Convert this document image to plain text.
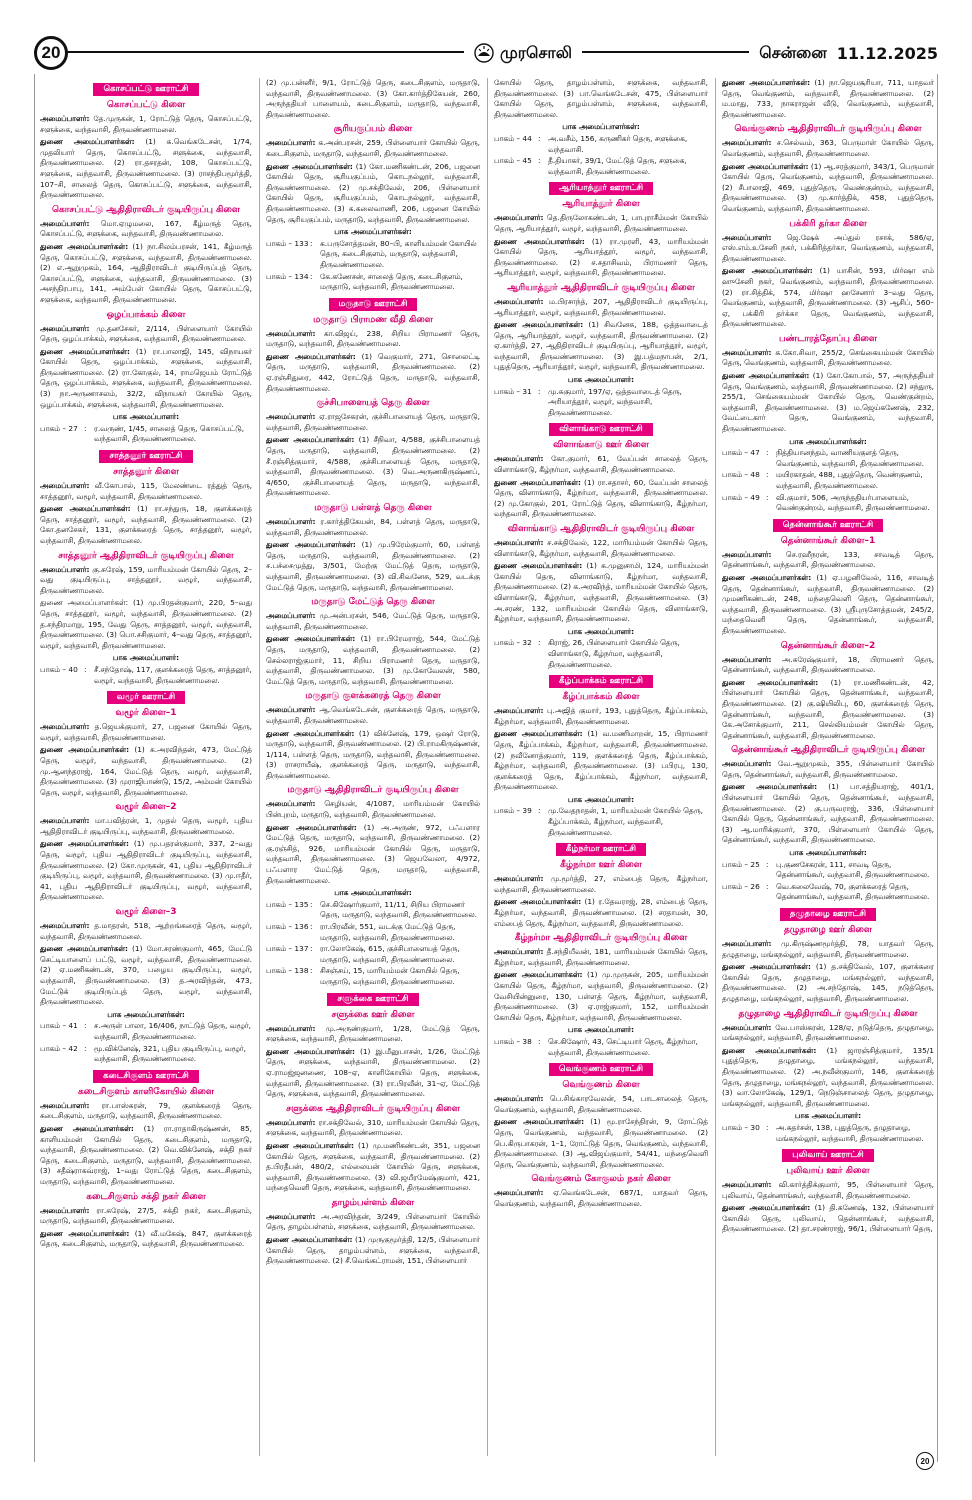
20	முரசொலி	சென்னை 11.12.2025
கொசப்பட்டு ஊராட்சி
கொசப்பட்டு கிளை
அமைப்பாளர்: தே.முருகன், 1, ரோட்டுத் தெரு, கொசப்பட்டு, சளுக்கை, வந்தவாசி, திருவண்ணாமலை.
துணை அமைப்பாளர்கள்: (1) க.வெங்கடேசன், 1/74, முதலியார் தெரு, கொசப்பட்டு, சளுக்கை, வந்தவாசி, திருவண்ணாமலை. (2) ரா.தசரதன், 108, கொசப்பட்டு, சளுக்கை, வந்தவாசி, திருவண்ணாமலை. (3) ராசந்திபமூர்த்தி, 107–சி, சாலைத் தெரு, கொசப்பட்டு, சளுக்கை, வந்தவாசி, திருவண்ணாமலை.
கொசப்பட்டு ஆதிதிராவிடர் குடியிருப்பு கிளை
அமைப்பாளர்: மொ.ஏழுமலை, 167, கீழ்மருத் தெரு, கொசப்பட்டு, சளுக்கை, வந்தவாசி, திருவண்ணாமலை.
துணை அமைப்பாளர்கள்: (1) நா.சிலம்பரசன், 141, கீழ்மருத் தெரு, கொசப்பட்டு, சளுக்கை, வந்தவாசி, திருவண்ணாமலை. (2) எ.ஆறுமுகம், 164, ஆதிதிராவிடர் குடியிருப்புத் தெரு, கொசப்பட்டு, சளுக்கை, வந்தவாசி, திருவண்ணாமலை. (3) அசந்திரபாபு, 141, அம்பேள் கோயில் தெரு, கொசப்பட்டு, சளுக்கை, வந்தவாசி, திருவண்ணாமலை.
ஒழப்பாக்கம் கிளை
அமைப்பாளர்: மு.தனசேகர், 2/114, பிள்ளையார் கோயில் தெரு, ஒழப்பாக்கம், சளுக்கை, வந்தவாசி, திருவண்ணாமலை.
துணை அமைப்பாளர்கள்: (1) ரா.பாலாஜி, 145, விநாயகர் கோயில் தெரு, ஒழப்பாக்கம், சளுக்கை, வந்தவாசி, திருவண்ணாமலை. (2) ரா.கோகுல், 14, ராமஜெயம் ரோட்டுத் தெரு, ஒழப்பாக்கம், சளுக்கை, வந்தவாசி, திருவண்ணாமலை. (3) நா.அருணாசலம், 32/2, விநாயகர் கோயில் தெரு, ஒழப்பாக்கம், சளுக்கை, வந்தவாசி, திருவண்ணாமலை.
பாக அமைப்பாளர்:
பாகம் – 27 :	ர.வருண், 1/45, சாலைத் தெரு, கொசப்பட்டு, வந்தவாசி, திருவண்ணாமலை.
சாத்தனூர் ஊராட்சி
சாத்தனூர் கிளை
அமைப்பாளர்: வீ.கோபால், 115, மேலண்டை ரத்துத் தெரு, சாத்தனூர், வழூர், வந்தவாசி, திருவண்ணாமலை.
துணை அமைப்பாளர்கள்: (1) ரா.சந்துரு, 18, குளக்கரைத் தெரு, சாத்தனூர், வழூர், வந்தவாசி, திருவண்ணாமலை. (2) கோ.தனசேகர், 131, குளக்கரைத் தெரு, சாத்தனூர், வழூர், வந்தவாசி, திருவண்ணாமலை.
சாத்தனூர் ஆதிதிராவிடர் குடியிருப்பு கிளை
அமைப்பாளர்: கு.சுரேஷ், 159, மாரியம்மன் கோயில் தெரு, 2–வது குடியிருப்பு, சாத்தனூர், வழூர், வந்தவாசி, திருவண்ணாமலை.
துணை அமைப்பாளர்கள்: (1) மு.பிரதன்குமார், 220, 5–வது தெரு, சாத்தனூர், வழூர், வந்தவாசி, திருவண்ணாமலை. (2) த.சந்திரமாறு, 195, வேது தெரு, சாத்தனூர், வழூர், வந்தவாசி, திருவண்ணாமலை. (3) பொ.சசிகுமார், 4–வது தெரு, சாத்தனூர், வழூர், வந்தவாசி, திருவண்ணாமலை.
பாக அமைப்பாளர்:
பாகம் – 40 :	சீ.சந்தோஷ், 117, குளக்கரைத் தெரு, சாத்தனூர், வழூர், வந்தவாசி, திருவண்ணாமலை.
வழூர் ஊராட்சி
வழூர் கிளை–1
அமைப்பாளர்: த.ஜெயக்குமார், 27, பஜனை கோயில் தெரு, வழூர், வந்தவாசி, திருவண்ணாமலை.
துணை அமைப்பாளர்கள்: (1) சு.அரவிந்தன், 473, மேட்டுத் தெரு, வழூர், வந்தவாசி, திருவண்ணாமலை. (2) மு.ஆனந்தராஜ், 164, மேட்டுத் தெரு, வழூர், வந்தவாசி, திருவண்ணாமலை. (3) முராஜிபாண்டு, 15/2, அம்மன் கோயில் தெரு, வழூர், வந்தவாசி, திருவண்ணாமலை.
வழூர் கிளை–2
அமைப்பாளர்: மா.பவித்ரன், 1, முதல் தெரு, வழூர், புதிய ஆதிதிராவிடர் குடியிருப்பு, வந்தவாசி, திருவண்ணாமலை.
துணை அமைப்பாளர்கள்: (1) மு.பதரன்குமார், 337, 2–வது தெரு, வழூர், புதிய ஆதிதிராவிடர் குடியிருப்பு, வந்தவாசி, திருவண்ணாமலை. (2) கோ.முருகன், 41, புதிய ஆதிதிராவிடர் குடியிருப்பு, வழூர், வந்தவாசி, திருவண்ணாமலை. (3) மு.ஈதீர், 41, புதிய ஆதிதிராவிடர் குடியிருப்பு, வழூர், வந்தவாசி, திருவண்ணாமலை.
வழூர் கிளை–3
அமைப்பாளர்: த.மாதரன், 518, ஆற்றங்கரைத் தெரு, வழூர், வந்தவாசி, திருவண்ணாமலை.
துணை அமைப்பாளர்கள்: (1) மோ.சரண்குமார், 465, மேட்டு செட்டியாளைப் பட்டு, வழூர், வந்தவாசி, திருவண்ணாமலை. (2) ஏ.மணிகண்டன், 370, பழைய குடியிருப்பு, வழூர், வந்தவாசி, திருவண்ணாமலை. (3) த.அரவிந்தன், 473, மேட்டுக் குடியிருப்புத் தெரு, வழூர், வந்தவாசி, திருவண்ணாமலை.
பாக அமைப்பாளர்கள்:
பாகம் – 41 :	ச.அருள் பாலா, 16/406, நாட்டுத் தெரு, வழூர், வந்தவாசி, திருவண்ணாமலை.
பாகம் – 42 :	மூ.விக்னேஷ், 321, புதிய குடியிருப்பு, வழூர், வந்தவாசி, திருவண்ணாமலை.
கடைசிகுளம் ஊராட்சி
கடைசிகுளம் காளிகோயில் கிளை
அமைப்பாளர்: ரா.பாஸ்கரன், 79, குளக்கரைத் தெரு, கடைசிகுளம், மருதாடு, வந்தவாசி, திருவண்ணாமலை.
துணை அமைப்பாளர்கள்: (1) ரா.ராதாகிருஷ்ணன், 85, காளியம்மன் கோயில் தெரு, கடைசிகுளம், மருதாடு, வந்தவாசி, திருவண்ணாமலை. (2) வெ.விக்னேஷ், சக்தி நகர் தெரு, கடைசிகுளம், மருதாடு, வந்தவாசி, திருவண்ணாமலை. (3) சதீஷ்ராகவ்ராஜ், 1–வது ரோட்டுத் தெரு, கடைசிகுளம், மருதாடு, வந்தவாசி, திருவண்ணாமலை.
கடைசிகுளம் சக்தி நகர் கிளை
அமைப்பாளர்: ரா.சுரேஷ், 27/5, சக்தி நகர், கடைசிகுளம், மருதாடு, வந்தவாசி, திருவண்ணாமலை.
துணை அமைப்பாளர்கள்: (1) வீ.மகேஷ், 847, குளக்கரைத் தெரு, கடைசிகுளம், மருதாடு, வந்தவாசி, திருவண்ணாமலை.
(2) மு.பன்னீர், 9/1, ரோட்டுத் தெரு, கடைசிகுளம், மருதாடு, வந்தவாசி, திருவண்ணாமலை. (3) கோ.கார்த்திகேயன், 260, அருந்ததியர் பாளையம், கடைசிகுளம், மருதாடு, வந்தவாசி, திருவண்ணாமலை.
சூரியகுப்பம் கிளை
அமைப்பாளர்: க.அன்பரசன், 259, பிள்ளையார் கோயில் தெரு, கடைசிகுளம், மருதாடு, வந்தவாசி, திருவண்ணாமலை.
துணை அமைப்பாளர்கள்: (1) கோ.மணிகண்டன், 206, பஜனை கோயில் தெரு, சூரியகுப்பம், கொடநல்லூர், வந்தவாசி, திருவண்ணாமலை. (2) மு.சக்திவேல், 206, பிள்ளையார் கோயில் தெரு, சூரியகுப்பம், கொடநல்லூர், வந்தவாசி, திருவண்ணாமலை. (3) க.கலைவாணி, 206, பஜனை கோயில் தெரு, சூரியகுப்பம், மருதாடு, வந்தவாசி, திருவண்ணாமலை.
பாக அமைப்பாளர்கள்:
பாகம் – 133 :	க.பருசோத்தமன், 80–பி, காளியம்மன் கோயில் தெரு, கடைசிகுளம், மருதாடு, வந்தவாசி, திருவண்ணாமலை.
பாகம் – 134 :	கே.கணேசன், சாலைத் தெரு, கடைசிகுளம், மருதாடு, வந்தவாசி, திருவண்ணாமலை.
மருதாடு ஊராட்சி
மருதாடு பிராமண வீதி கிளை
அமைப்பாளர்: கா.விஜய், 238, சிறிய பிராமணர் தெரு, மருதாடு, வந்தவாசி, திருவண்ணாமலை.
துணை அமைப்பாளர்கள்: (1) வெகுமார், 271, சொலைட்டி தெரு, மருதாடு, வந்தவாசி, திருவண்ணாமலை. (2) ஏ.ரஞ்சிதுரை, 442, ரோட்டுத் தெரு, மருதாடு, வந்தவாசி, திருவண்ணாமலை.
குச்சிபாளையத் தெரு கிளை
அமைப்பாளர்: ஏ.ராஜசேகரன், குச்சிபாளையத் தெரு, மருதாடு, வந்தவாசி, திருவண்ணாமலை.
துணை அமைப்பாளர்கள்: (1) சீநிவா, 4/588, குச்சிபாளையத் தெரு, மருதாடு, வந்தவாசி, திருவண்ணாமலை. (2) சீ.ரஞ்சித்குமார், 4/588, குச்சிபாளையத் தெரு, மருதாடு, வந்தவாசி, திருவண்ணாமலை. (3) வெ.அருணகிருஷ்ணப், 4/650, குச்சிபாளையத் தெரு, மருதாடு, வந்தவாசி, திருவண்ணாமலை.
மருதாடு பள்ளத் தெரு கிளை
அமைப்பாளர்: ர.கார்த்திகேயன், 84, பள்ளத் தெரு, மருதாடு, வந்தவாசி, திருவண்ணாமலை.
துணை அமைப்பாளர்கள்: (1) மு.பிரேம்குமார், 60, பள்ளத் தெரு, மருதாடு, வந்தவாசி, திருவண்ணாமலை. (2) ச.பச்சைமுத்து, 3/501, மேற்கு மேட்டுத் தெரு, மருதாடு, வந்தவாசி, திருவண்ணாமலை. (3) வி.சிவனேசு, 529, வடக்கு மேட்டுத் தெரு, மருதாடு, வந்தவாசி, திருவண்ணாமலை.
மருதாடு மேட்டுத் தெரு கிளை
அமைப்பாளர்: மு.அன்பரசன், 546, மேட்டுத் தெரு, மருதாடு, வந்தவாசி, திருவண்ணாமலை.
துணை அமைப்பாளர்கள்: (1) ரா.பிரேமராஜ், 544, மேட்டுத் தெரு, மருதாடு, வந்தவாசி, திருவண்ணாமலை. (2) செல்லராஜ்குமார், 11, சிறிய பிராமணர் தெரு, மருதாடு, வந்தவாசி, திருவண்ணாமலை. (3) மு.கோவேலன், 580, மேட்டுத் தெரு, மருதாடு, வந்தவாசி, திருவண்ணாமலை.
மருதாடு குளக்கரைத் தெரு கிளை
அமைப்பாளர்: ஆ.வெங்கடேசன், குளக்கரைத் தெரு, மருதாடு, வந்தவாசி, திருவண்ணாமலை.
துணை அமைப்பாளர்கள்: (1) விக்னேஷ், 179, ஒஷர் ரோடு, மருதாடு, வந்தவாசி, திருவண்ணாமலை. (2) பி.ராமகிருஷ்ணன், 1/114, பள்ளத் தெரு, மருதாடு, வந்தவாசி, திருவண்ணாமலை. (3) ராசராயீஷ், குளக்கரைத் தெரு, மருதாடு, வந்தவாசி, திருவண்ணாமலை.
மருதாடு ஆதிதிராவிடர் குடியிருப்பு கிளை
அமைப்பாளர்: செழியன், 4/1087, மாரியம்மன் கோயில் பின்புறம், மருதாடு, வந்தவாசி, திருவண்ணாமலை.
துணை அமைப்பாளர்கள்: (1) அ.அருண், 972, பஃபளார மேட்டுத் தெரு, மருதாடு, வந்தவாசி, திருவண்ணாமலை. (2) கு.ரஞ்சித், 926, மாரியம்மன் கோயில் தெரு, மருதாடு, வந்தவாசி, திருவண்ணாமலை. (3) ஜெயவேலா, 4/972, பஃபளார மேட்டுத் தெரு, மருதாடு, வந்தவாசி, திருவண்ணாமலை.
பாக அமைப்பாளர்கள்:
பாகம் – 135 :	செ.கிஷோர்குமார், 11/11, சிறிய பிராமணர் தெரு, மருதாடு, வந்தவாசி, திருவண்ணாமலை.
பாகம் – 136 :	ரா.பிரவீன், 551, வடக்கு மேட்டுத் தெரு, மருதாடு, வந்தவாசி, திருவண்ணாமலை.
பாகம் – 137 :	ரா.லோகேஷ், 615, குச்சிபாளையத் தெரு, மருதாடு, வந்தவாசி, திருவண்ணாமலை.
பாகம் – 138 :	சிசஞ்சய், 15, மாரியம்மன் கோயில் தெரு, மருதாடு, வந்தவாசி, திருவண்ணாமலை.
சளுக்கை ஊராட்சி
சளுக்கை ஊர் கிளை
அமைப்பாளர்: மு.அருண்குமார், 1/28, மேட்டுத் தெரு, சளுக்கை, வந்தவாசி, திருவண்ணாமலை.
துணை அமைப்பாளர்கள்: (1) இ.மீனுபாசன், 1/26, மேட்டுத் தெரு, சளுக்கை, வந்தவாசி, திருவண்ணாமலை. (2) ஏ.ராமஜ்ஜனணை, 108–ஏ, காளிகோயில் தெரு, சளுக்கை, வந்தவாசி, திருவண்ணாமலை. (3) ரா.பிரவீன், 31–ஏ, மேட்டுத் தெரு, சளுக்கை, வந்தவாசி, திருவண்ணாமலை.
சளுக்கை ஆதிதிராவிடர் குடியிருப்பு கிளை
அமைப்பாளர்: ரா.சக்திவேல், 310, மாரியம்மன் கோயில் தெரு, சளுக்கை, வந்தவாசி, திருவண்ணாமலை.
துணை அமைப்பாளர்கள்: (1) மு.மணிகண்டன், 351, பஜனை கோயில் தெரு, சளுக்கை, வந்தவாசி, திருவண்ணாமலை. (2) த.பிரதீபன், 480/2, எல்லையன் கோயில் தெரு, சளுக்கை, வந்தவாசி, திருவண்ணாமலை. (3) வி.ஜயீரமேஷ்குமார், 421, மந்தைவெளி தெரு, சளுக்கை, வந்தவாசி, திருவண்ணாமலை.
தாழம்பள்ளம் கிளை
அமைப்பாளர்: அ.அரவிந்தன், 3/249, பிள்ளையார் கோயில் தெரு, தாழம்பள்ளம், சளுக்கை, வந்தவாசி, திருவண்ணாமலை.
துணை அமைப்பாளர்கள்: (1) முருகுமூர்த்தி, 12/5, பிள்ளையார் கோயில் தெரு, தாழம்பள்ளம், சளுக்கை, வந்தவாசி, திருவண்ணாமலை. (2) சீ.வெங்கட்ராமன், 151, பிள்ளையார்
கோயில் தெரு, தாழம்பள்ளம், சளுக்கை, வந்தவாசி, திருவண்ணாமலை. (3) பா.வெங்கடேசன், 475, பிள்ளையார் கோயில் தெரு, தாழம்பள்ளம், சளுக்கை, வந்தவாசி, திருவண்ணாமலை.
பாக அமைப்பாளர்கள்:
பாகம் – 44 :	அ.வசீம், 156, கருணிகர் தெரு, சளுக்கை, வந்தவாசி.
பாகம் – 45 :	தீ.தியாகர், 39/1, மேட்டுத் தெரு, சளுகை, வந்தவாசி, திருவண்ணாமலை.
ஆரியாத்தூர் ஊராட்சி
ஆரியாத்தூர் கிளை
அமைப்பாளர்: தெ.திருலோகண்டன், 1, பாபுராசீம்மன் கோயில் தெரு, ஆரியாத்தூர், வழூர், வந்தவாசி, திருவண்ணாமலை.
துணை அமைப்பாளர்கள்: (1) ரா.முரளி, 43, மாரியம்மன் கோயில் தெரு, ஆரியாத்தூர், வழூர், வந்தவாசி, திருவண்ணாமலை. (2) ச.சதாசிவம், பிராமணர் தெரு, ஆரியாத்தூர், வழூர், வந்தவாசி, திருவண்ணாமலை.
ஆரியாத்தூர் ஆதிதிராவிடர் குடியிருப்பு கிளை
அமைப்பாளர்: ம.பிரசாந்த், 207, ஆதிதிராவிடர் குடியிருப்பு, ஆரியாத்தூர், வழூர், வந்தவாசி, திருவண்ணாமலை.
துணை அமைப்பாளர்கள்: (1) சிவனேசு, 188, ஒத்தவாடைத் தெரு, ஆரியாத்தூர், வழூர், வந்தவாசி, திருவண்ணாமலை. (2) ஏ.கார்த்தி, 27, ஆதிதிராவிடர் குடியிருப்பு, ஆரியாத்தூர், வழூர், வந்தவாசி, திருவண்ணாமலை. (3) இ.பத்மநாபன், 2/1, புதுத்தெரு, ஆரியாத்தூர், வழூர், வந்தவாசி, திருவண்ணாமலை.
பாக அமைப்பாளர்:
பாகம் – 31 :	மு.சுகுமார், 197/ஏ, ஒத்தவாடைத் தெரு, அரியாத்தூர், வழூர், வந்தவாசி, திருவண்ணாமலை.
விளாங்காடு ஊராட்சி
விளாங்காடு ஊர் கிளை
அமைப்பாளர்: கோ.குமார், 61, வேப்பன் சாலைத் தெரு, விளாங்காடு, கீழ்நர்மா, வந்தவாசி, திருவண்ணாமலை.
துணை அமைப்பாளர்கள்: (1) ரா.சதாசர், 60, வேப்பன் சாலைத் தெரு, விளாங்காடு, கீழ்நர்மா, வந்தவாசி, திருவண்ணாமலை. (2) மு.கோகுல், 201, ரோட்டுத் தெரு, விளாங்காடு, கீழ்நர்மா, வந்தவாசி, திருவண்ணாமலை.
விளாங்காடு ஆதிதிராவிடர் குடியிருப்பு கிளை
அமைப்பாளர்: ச.சக்திவேல், 122, மாரியம்மன் கோயில் தெரு, விளாங்காடு, கீழ்நர்மா, வந்தவாசி, திருவண்ணாமலை.
துணை அமைப்பாளர்கள்: (1) க.முனுசாமி, 124, மாரியம்மன் கோயில் தெரு, விளாங்காடு, கீழ்நர்மா, வந்தவாசி, திருவண்ணாமலை. (2) க.அரவிந்த், மாரியம்மன் கோயில் தெரு, விளாங்காடு, கீழ்நர்மா, வந்தவாசி, திருவண்ணாமலை. (3) அ.சரண், 132, மாரியம்மன் கோயில் தெரு, விளாங்காடு, கீழ்நர்மா, வந்தவாசி, திருவண்ணாமலை.
பாக அமைப்பாளர்:
பாகம் – 32 :	கிராஜ், 26, பிள்ளையார் கோயில் தெரு, விளாங்காடு, கீழ்நர்மா, வந்தவாசி, திருவண்ணாமலை.
கீழ்ப்பாக்கம் ஊராட்சி
கீழ்ப்பாக்கம் கிளை
அமைப்பாளர்: பு.அஜித் குமார், 193, புதுத்தெரு, கீழ்ப்பாக்கம், கீழ்நர்மா, வந்தவாசி, திருவண்ணாமலை.
துணை அமைப்பாளர்கள்: (1) வ.மணிமாறன், 15, பிராமணர் தெரு, கீழ்ப்பாக்கம், கீழ்நர்மா, வந்தவாசி, திருவண்ணாமலை. (2) நவீனோத்குமார், 119, குளக்கரைத் தெரு, கீழ்ப்பாக்கம், கீழ்நர்மா, வந்தவாசி, திருவண்ணாமலை. (3) பபிரபு, 130, குளக்கரைத் தெரு, கீழ்ப்பாக்கம், கீழ்நர்மா, வந்தவாசி, திருவண்ணாமலை.
பாக அமைப்பாளர்:
பாகம் – 39 :	மு.வேதநாதன், 1, மாரியம்மன் கோயில் தெரு, கீழ்ப்பாக்கம், கீழ்நர்மா, வந்தவாசி, திருவண்ணாமலை.
கீழ்நர்மா ஊராட்சி
கீழ்நர்மா ஊர் கிளை
அமைப்பாளர்: மு.மூர்த்தி, 27, எம்பைத் தெரு, கீழ்நர்மா, வந்தவாசி, திருவண்ணாமலை.
துணை அமைப்பாளர்கள்: (1) ர.தேவராஜ், 28, எம்பைத் தெரு, கீழ்நர்மா, வந்தவாசி, திருவண்ணாமலை. (2) சரதாமன், 30, எம்பைத் தெரு, கீழ்நர்மா, வந்தவாசி, திருவண்ணாமலை.
கீழ்நர்மா ஆதிதிராவிடர் குடியிருப்பு கிளை
அமைப்பாளர்: தீ.சந்தியீவன், 181, மாரியம்மன் கோயில் தெரு, கீழ்நர்மா, வந்தவாசி, திருவண்ணாமலை.
துணை அமைப்பாளர்கள்: (1) மு.முருகன், 205, மாரியம்மன் கோயில் தெரு, கீழ்நர்மா, வந்தவாசி, திருவண்ணாமலை. (2) வேசியின்னுரை, 130, பள்ளத் தெரு, கீழ்நர்மா, வந்தவாசி, திருவண்ணாமலை. (3) ஏ.ராஜ்குமார், 152, மாரியம்மன் கோயில் தெரு, கீழ்நர்மா, வந்தவாசி, திருவண்ணாமலை.
பாக அமைப்பாளர்:
பாகம் – 38 :	செ.கிஷோர், 43, செட்டியார் தெரு, கீழ்நர்மா, வந்தவாசி, திருவண்ணாமலை.
வெங்குணம் ஊராட்சி
வெங்குணம் கிளை
அமைப்பாளர்: பெ.சிங்காரவேலன், 54, பாடசாலைத் தெரு, வெங்குணம், வந்தவாசி, திருவண்ணாமலை.
துணை அமைப்பாளர்கள்: (1) மூ.ராசேந்திரன், 9, ரோட்டுத் தெரு, வெங்குணம், வந்தவாசி, திருவண்ணாமலை. (2) பெ.கிருபாகரன், 1–1, ரோட்டுத் தெரு, வெங்குணம், வந்தவாசி, திருவண்ணாமலை. (3) ஆ.விஜய்குமார், 54/41, மந்தைவெளி தெரு, வெங்குணம், வந்தவாசி, திருவண்ணாமலை.
வெங்குணம் கோகுலம் நகர் கிளை
அமைப்பாளர்: ஏ.வெங்கடேசன், 687/1, யாதவர் தெரு, வெங்குணம், வந்தவாசி, திருவண்ணாமலை.
துணை அமைப்பாளர்கள்: (1) நா.ஜெயசூரியா, 711, யாதவர் தெரு, வெங்குணம், வந்தவாசி, திருவண்ணாமலை. (2) ம.மாது, 733, நாகராஜன் வீடு, வெங்குணம், வந்தவாசி, திருவண்ணாமலை.
வெங்குணம் ஆதிதிராவிடர் குடியிருப்பு கிளை
அமைப்பாளர்: ச.செல்வம், 363, பெருமாள் கோயில் தெரு, வெங்குணம், வந்தவாசி, திருவண்ணாமலை.
துணை அமைப்பாளர்கள்: (1) ஆ.சரத்குமார், 343/1, பெருமாள் கோயில் தெரு, வெங்குணம், வந்தவாசி, திருவண்ணாமலை. (2) சீபாலாஜி, 469, புதுத்தெரு, வெண்குன்றம், வந்தவாசி, திருவண்ணாமலை. (3) மு.கார்த்திக், 458, புதுத்தெரு, வெங்குணம், வந்தவாசி, திருவண்ணாமலை.
பக்கிரி தர்கா கிளை
அமைப்பாளர்: ஜெ.ஷேக் அப்துல் ரசாக், 586/ஏ, எஸ்.எம்.உசேனி நகர், பக்கிரித்தர்கா, வெங்குணம், வந்தவாசி, திருவண்ணாமலை.
துணை அமைப்பாளர்கள்: (1) யாசின், 593, மிர்ஷா எம் ஹுசேனி நகர், வெங்குணம், வந்தவாசி, திருவண்ணாமலை. (2) ரா.சித்திக், 574, மிர்ஷா ஹசேனார் 3–வது தெரு, வெங்குணம், வந்தவாசி, திருவண்ணாமலை. (3) ஆசிப், 560–ஏ, பக்கிரி தர்க்கா தெரு, வெங்குணம், வந்தவாசி, திருவண்ணாமலை.
பண்டாரத்தோப்பு கிளை
அமைப்பாளர்: க.கோ.சிவா, 255/2, செங்கையம்மன் கோயில் தெரு, வெங்குணம், வந்தவாசி, திருவண்ணாமலை.
துணை அமைப்பாளர்கள்: (1) கோ.கோபால், 57, அருந்ததியர் தெரு, வெங்குணம், வந்தவாசி, திருவண்ணாமலை. (2) சந்துரு, 255/1, செங்கையம்மன் கோயில் தெரு, வெண்குன்றம், வந்தவாசி, திருவண்ணாமலை. (3) ம.ஜெய்கணேஷ், 232, வேட்டைகார் தெரு, வெங்குணம், வந்தவாசி, திருவண்ணாமலை.
பாக அமைப்பாளர்கள்:
பாகம் – 47 :	நித்தியானந்தம், வாணியகுளத் தெரு, வெங்குணம், வந்தவாசி, திருவண்ணாமலை.
பாகம் – 48 :	மயிரகாதன், 488, புதுத்தெரு, வெண்குணம், வந்தவாசி, திருவண்ணாமலை.
பாகம் – 49 :	வி.குமார், 506, அருந்ததியர்பாளையம், வெண்குன்றம், வந்தவாசி, திருவண்ணாமலை.
தென்னாங்கூர் ஊராட்சி
தென்னாங்கூர் கிளை–1
அமைப்பாளர்: செ.ரஹீநரன், 133, சாவடித் தெரு, தென்னாங்கூர், வந்தவாசி, திருவண்ணாமலை.
துணை அமைப்பாளர்கள்: (1) ஏ.பழனிவேல், 116, சாவடித் தெரு, தென்னாங்கூர், வந்தவாசி, திருவண்ணாமலை. (2) முமணிகண்டன், 248, மந்தைவெளி தெரு, தென்னாங்கூர், வந்தவாசி, திருவண்ணாமலை. (3) ஸ்ரீபுருசோத்தமன், 245/2, மந்தைவெளி தெரு, தென்னாங்கூர், வந்தவாசி, திருவண்ணாமலை.
தென்னாங்கூர் கிளை–2
அமைப்பாளர்: அ.சுரேஷ்குமார், 18, பிராமணர் தெரு, தென்னாங்கூர், வந்தவாசி, திருவண்ணாமலை.
துணை அமைப்பாளர்கள்: (1) ரா.மணிகண்டன், 42, பிள்ளையார் கோயில் தெரு, தென்னாங்கூர், வந்தவாசி, திருவண்ணாமலை. (2) கு.ஷியிலிபு, 60, குளக்கரைத் தெரு, தென்னாங்கூர், வந்தவாசி, திருவண்ணாமலை. (3) கே.அசோக்குமார், 211, செல்லியம்மன் கோயில் தெரு, தென்னாங்கூர், வந்தவாசி, திருவண்ணாமலை.
தென்னாங்கூர் ஆதிதிராவிடர் குடியிருப்பு கிளை
அமைப்பாளர்: வே.ஆறுமுகம், 355, பிள்ளையார் கோயில் தெரு, தென்னாங்கூர், வந்தவாசி, திருவண்ணாமலை.
துணை அமைப்பாளர்கள்: (1) பா.சத்தியராஜ், 401/1, பிள்ளையார் கோயில் தெரு, தென்னாங்கூர், வந்தவாசி, திருவண்ணாமலை. (2) கு.பருவராஜ், 336, பிள்ளையார் கோயில் தெரு, தென்னாங்கூர், வந்தவாசி, திருவண்ணாமலை. (3) ஆ.மாரிக்குமார், 370, பிள்ளையார் கோயில் தெரு, தென்னாங்கூர், வந்தவாசி, திருவண்ணாமலை.
பாக அமைப்பாளர்கள்:
பாகம் – 25 :	பு.குணசேகரன், 111, சாவடி தெரு, தென்னாங்கூர், வந்தவாசி, திருவண்ணாமலை.
பாகம் – 26 :	வெ.கலைவேஷ், 70, குளக்கரைத் தெரு, தென்னாங்கூர், வந்தவாசி, திருவண்ணாமலை.
தழுதாழை ஊராட்சி
தழுதாழை ஊர் கிளை
அமைப்பாளர்: மு.கிருஷ்ணமூர்த்தி, 78, யாதவர் தெரு, தழுதாழை, மங்கநல்லூர், வந்தவாசி, திருவண்ணாமலை.
துணை அமைப்பாளர்கள்: (1) த.சக்திவேல், 107, குளக்கரை கோயில் தெரு, தழுதாழை, மங்கநல்லூர், வந்தவாசி, திருவண்ணாமலை. (2) அ.சந்தோஷ், 145, நடுத்தெரு, தழுதாழை, மங்கநல்லூர், வந்தவாசி, திருவண்ணாமலை.
தழுதாழை ஆதிதிராவிடர் குடியிருப்பு கிளை
அமைப்பாளர்: வே.பாஸ்கரன், 128/ஏ, நடுத்தெரு, தழுதாழை, மங்கநல்லூர், வந்தவாசி, திருவண்ணாமலை.
துணை அமைப்பாளர்கள்: (1) ஜாரஞ்சித்குமார், 135/1 புதுத்தெரு, தழுதாழை, மங்கநல்லூர், வந்தவாசி, திருவண்ணாமலை. (2) அ.நவீன்குமார், 146, குளக்கரைத் தெரு, தழுதாழை, மங்கநல்லூர், வந்தவாசி, திருவண்ணாமலை. (3) வா.லோகேஷ், 129/1, நெடுஞ்சாலைத் தெரு, தழுதாழை, மங்கநல்லூர், வந்தவாசி, திருவண்ணாமலை.
பாக அமைப்பாளர்:
பாகம் – 30 :	அ.சுதர்சன், 138, புதுத்தெரு, தழுதாழை, மங்கநல்லூர், வந்தவாசி, திருவண்ணாமலை.
புலிவாய் ஊராட்சி
புலிவாய் ஊர் கிளை
அமைப்பாளர்: வி.கார்த்திக்குமார், 95, பிள்ளையார் தெரு, புலிவாய், தென்னாங்கூர், வந்தவாசி, திருவண்ணாமலை.
துணை அமைப்பாளர்கள்: (1) தி.கணேஷ், 132, பிள்ளையார் கோயில் தெரு, புலிவாய், தென்னாங்கூர், வந்தவாசி, திருவண்ணாமலை. (2) தா.சரண்ராஜ், 96/1, பிள்ளையார் தெரு,
20
